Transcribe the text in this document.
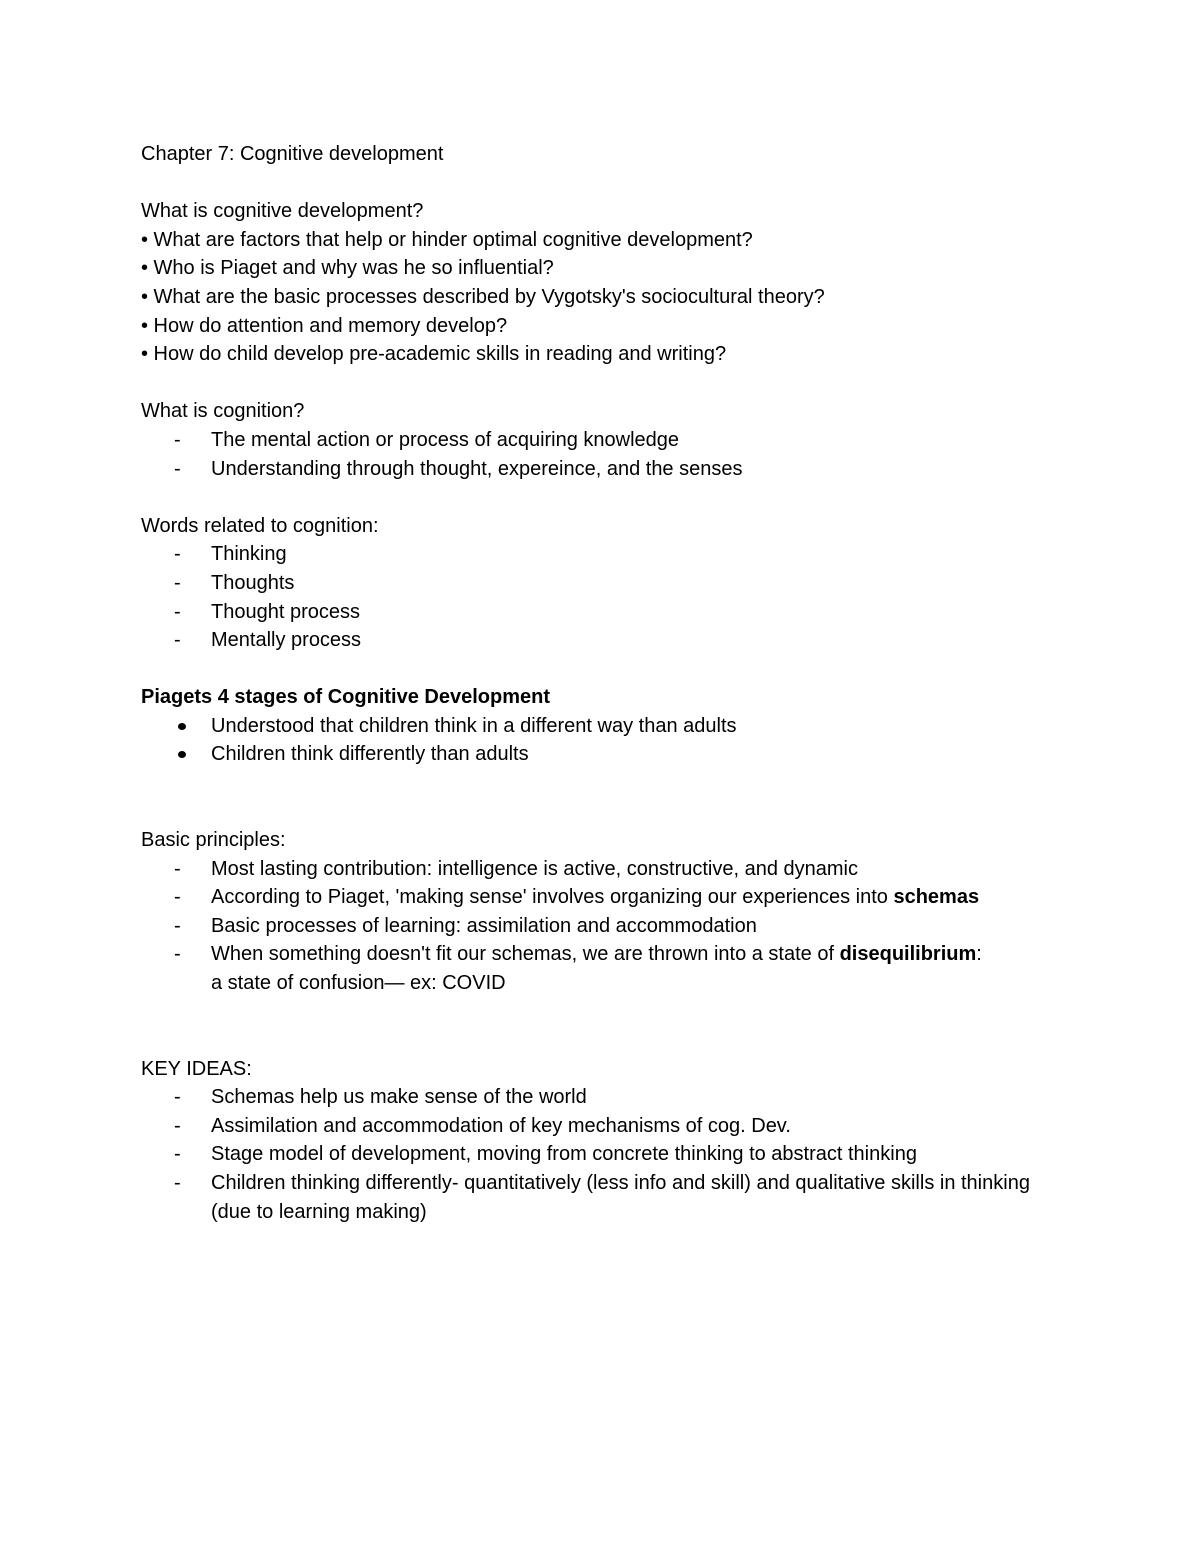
Chapter 7: Cognitive development
What is cognitive development?
• What are factors that help or hinder optimal cognitive development?
• Who is Piaget and why was he so influential?
• What are the basic processes described by Vygotsky's sociocultural theory?
• How do attention and memory develop?
• How do child develop pre-academic skills in reading and writing?
What is cognition?
- The mental action or process of acquiring knowledge
- Understanding through thought, expereince, and the senses
Words related to cognition:
- Thinking
- Thoughts
- Thought process
- Mentally process
Piagets 4 stages of Cognitive Development
Understood that children think in a different way than adults
Children think differently than adults
Basic principles:
- Most lasting contribution: intelligence is active, constructive, and dynamic
- According to Piaget, 'making sense' involves organizing our experiences into schemas
- Basic processes of learning: assimilation and accommodation
- When something doesn't fit our schemas, we are thrown into a state of disequilibrium:
a state of confusion— ex: COVID
KEY IDEAS:
- Schemas help us make sense of the world
- Assimilation and accommodation of key mechanisms of cog. Dev.
- Stage model of development, moving from concrete thinking to abstract thinking
- Children thinking differently- quantitatively (less info and skill) and qualitative skills in thinking (due to learning making)
